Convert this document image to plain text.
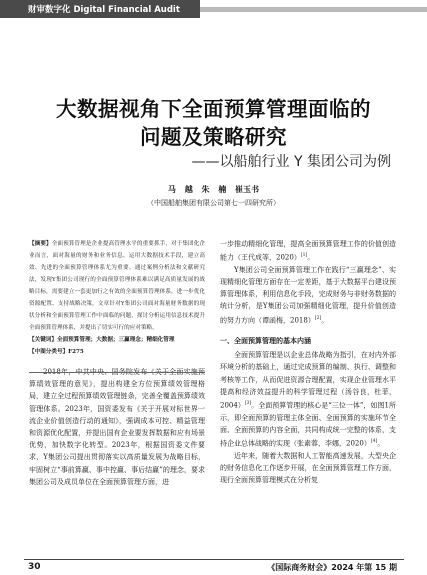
财审数字化 Digital Financial Audit
大数据视角下全面预算管理面临的
问题及策略研究
——以船舶行业 Y 集团公司为例
马 越 朱 楠 崔玉书
（中国船舶集团有限公司第七一四研究所）
【摘要】全面预算管理是企业提高管理水平的重要抓手，对于集团化企业而言，面对海量的财务和业务信息，运用大数据技术手段，建立高效、先进的全面预算管理体系尤为重要。通过案例分析法和文献研究法，发现Y集团公司现行的全面预算管理体系难以满足高质量发展的战略目标，需要建立一套更加行之有效的全面预算管理体系，进一步优化资源配置、支持战略决策。文章针对Y集团公司面对海量财务数据的现状分析和全面预算管理工作中面临的问题，探讨分析运用信息技术提升全面预算管理体系，并提出了切实可行的应对策略。
【关键词】全面预算管理；大数据；三赢理念；精细化管理
【中图分类号】F275

2018年，中共中央、国务院发布《关于全面实施预算绩效管理的意见》，提出构建全方位预算绩效管理格局，建立全过程预算绩效管理链条，完善全覆盖预算绩效管理体系。2023年，国资委发布《关于开展对标世界一流企业价值创造行动的通知》，强调成本可控、精益管理和资源优化配置，并提出国有企业要发挥数据和应有场景优势，加快数字化转型。2023年，根据国资委文件要求，Y集团公司提出贯彻落实以高质量发展为战略目标，牢固树立“事前算赢、事中控赢、事后结赢”的理念，要求集团公司及成员单位在全面预算管理方面，进

一步推动精细化管理，提高全面预算管理工作的价值创造能力（王代成等，2020）[1]。

Y集团公司全面预算管理工作在践行“三赢理念”、实现精细化管理方面存在一定差距，基于大数据平台建设预算管理体系，利用信息化手段，完成财务与非财务数据的统计分析，是Y集团公司加强精细化管理，提升价值创造的努力方向（谭函梅，2018）[2]。

一、全面预算管理的基本内涵

全面预算管理是以企业总体战略为指引，在对内外部环境分析的基础上，通过完成预算的编制、执行、调整和考核等工作，从而促进资源合理配置，实现企业管理水平提高和经济效益提升的科学管理过程（汤谷良，杜菲，2004）[3]。全面预算管理的核心是“三位一体”，如图1所示，即全面预算的管理主体全面、全面预算的实施环节全面、全面预算的内容全面，共同构成统一完整的体系，支持企业总体战略的实现（张素蓉，李娜，2020）[4]。

近年来，随着大数据和人工智能高速发展，大型央企的财务信息化工作逐步开展，在全面预算管理工作方面，现行全面预算管理模式在分析复

30	《国际商务财会》2024 年第 15 期
